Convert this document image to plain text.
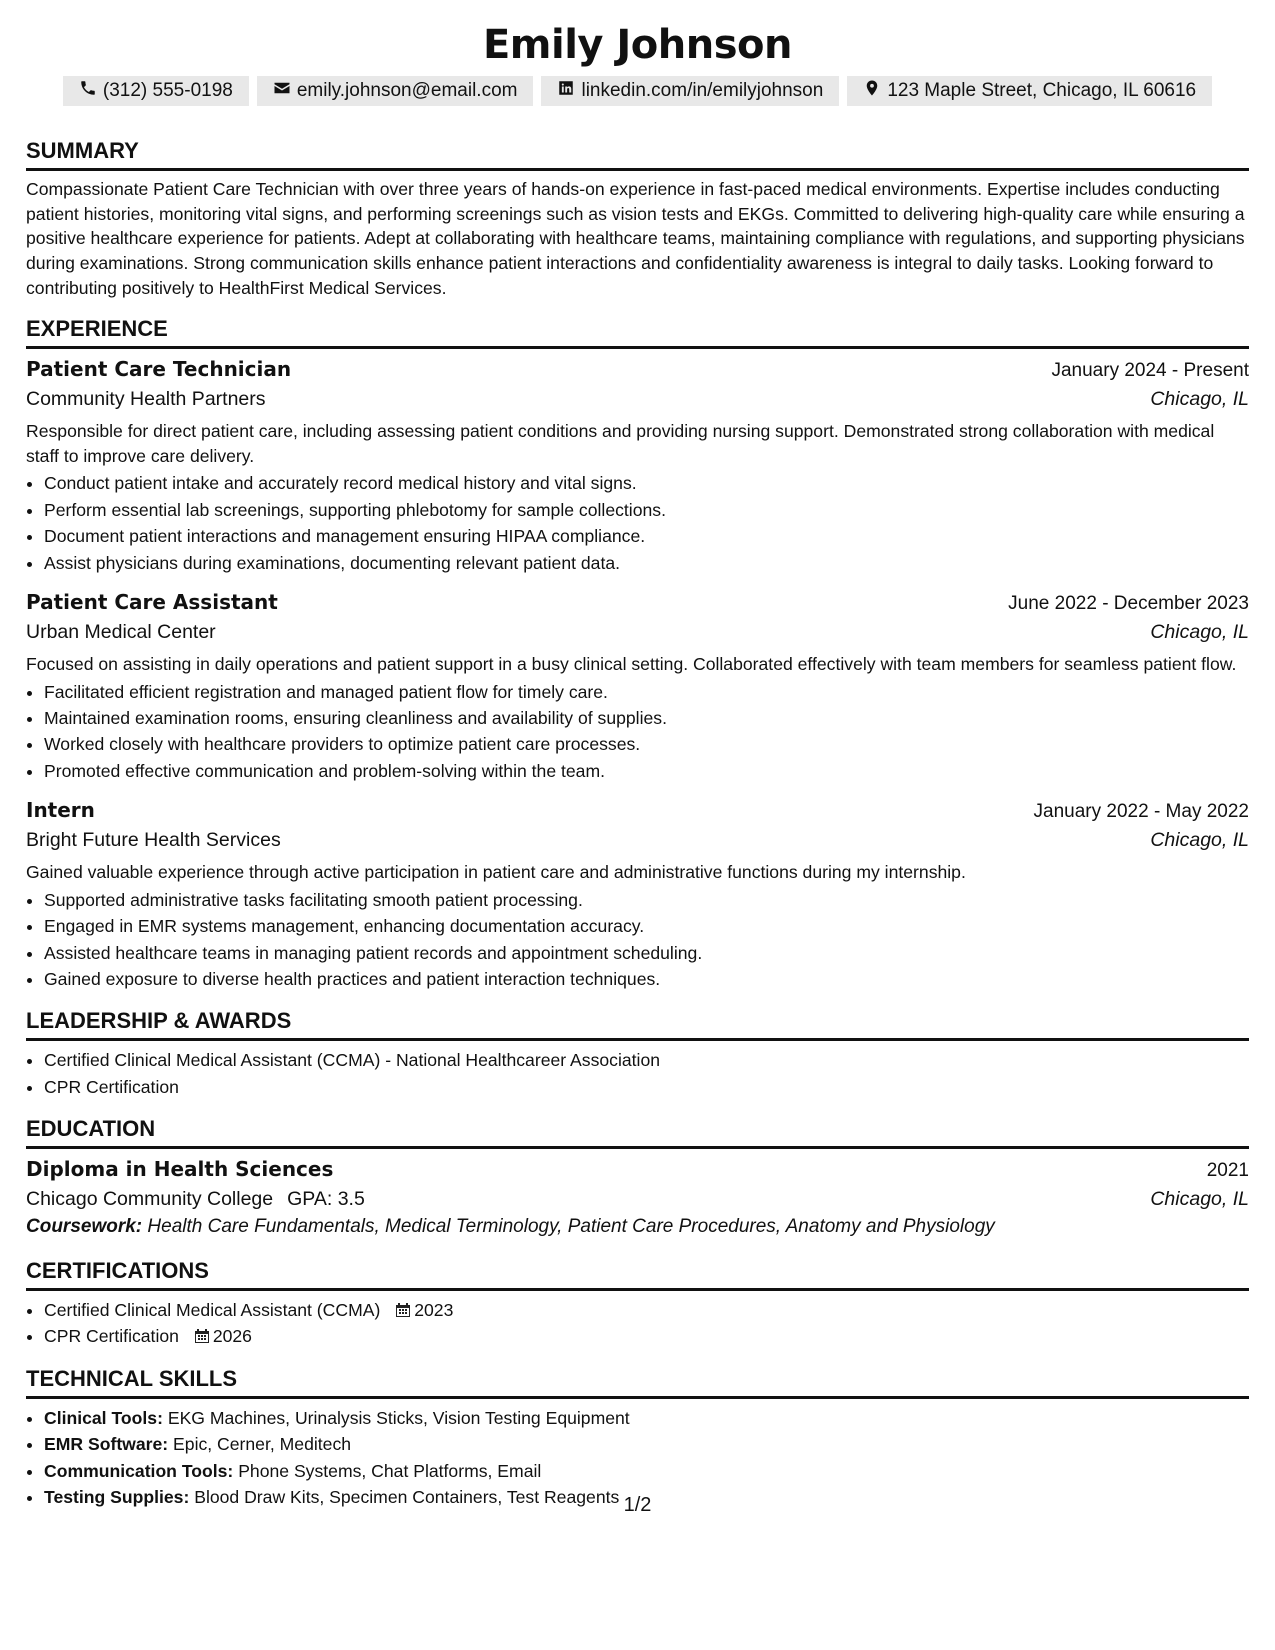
Emily Johnson
(312) 555-0198	emily.johnson@email.com	linkedin.com/in/emilyjohnson	123 Maple Street, Chicago, IL 60616
SUMMARY

Compassionate Patient Care Technician with over three years of hands-on experience in fast-paced medical environments. Expertise includes conducting patient histories, monitoring vital signs, and performing screenings such as vision tests and EKGs. Committed to delivering high-quality care while ensuring a positive healthcare experience for patients. Adept at collaborating with healthcare teams, maintaining compliance with regulations, and supporting physicians during examinations. Strong communication skills enhance patient interactions and confidentiality awareness is integral to daily tasks. Looking forward to contributing positively to HealthFirst Medical Services.

EXPERIENCE
Patient Care Technician	January 2024 - Present
Community Health Partners	Chicago, IL

Responsible for direct patient care, including assessing patient conditions and providing nursing support. Demonstrated strong collaboration with medical staff to improve care delivery.

• Conduct patient intake and accurately record medical history and vital signs.
• Perform essential lab screenings, supporting phlebotomy for sample collections.
• Document patient interactions and management ensuring HIPAA compliance.
• Assist physicians during examinations, documenting relevant patient data.
Patient Care Assistant	June 2022 - December 2023
Urban Medical Center	Chicago, IL

Focused on assisting in daily operations and patient support in a busy clinical setting. Collaborated effectively with team members for seamless patient flow.

• Facilitated efficient registration and managed patient flow for timely care.
• Maintained examination rooms, ensuring cleanliness and availability of supplies.
• Worked closely with healthcare providers to optimize patient care processes.
• Promoted effective communication and problem-solving within the team.
Intern	January 2022 - May 2022
Bright Future Health Services	Chicago, IL

Gained valuable experience through active participation in patient care and administrative functions during my internship.

• Supported administrative tasks facilitating smooth patient processing.
• Engaged in EMR systems management, enhancing documentation accuracy.
• Assisted healthcare teams in managing patient records and appointment scheduling.
• Gained exposure to diverse health practices and patient interaction techniques.
LEADERSHIP & AWARDS
• Certified Clinical Medical Assistant (CCMA) - National Healthcareer Association
• CPR Certification
EDUCATION
Diploma in Health Sciences	2021
Chicago Community College GPA: 3.5	Chicago, IL
Coursework: Health Care Fundamentals, Medical Terminology, Patient Care Procedures, Anatomy and Physiology
CERTIFICATIONS
• Certified Clinical Medical Assistant (CCMA) 2023
• CPR Certification 2026
TECHNICAL SKILLS
• Clinical Tools: EKG Machines, Urinalysis Sticks, Vision Testing Equipment
• EMR Software: Epic, Cerner, Meditech
• Communication Tools: Phone Systems, Chat Platforms, Email
• Testing Supplies: Blood Draw Kits, Specimen Containers, Test Reagents 1/2
